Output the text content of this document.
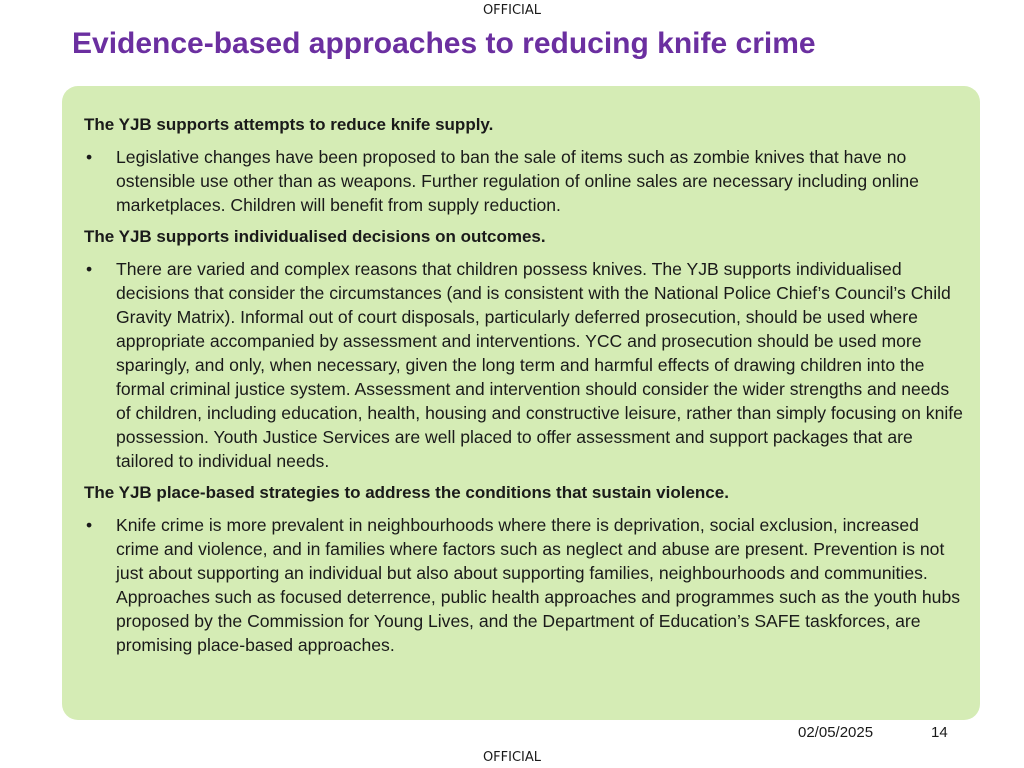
OFFICIAL
Evidence-based approaches to reducing knife crime
The YJB supports attempts to reduce knife supply.
•	Legislative changes have been proposed to ban the sale of items such as zombie knives that have no ostensible use other than as weapons. Further regulation of online sales are necessary including online marketplaces. Children will benefit from supply reduction.
The YJB supports individualised decisions on outcomes.
•	There are varied and complex reasons that children possess knives. The YJB supports individualised decisions that consider the circumstances (and is consistent with the National Police Chief’s Council’s Child Gravity Matrix). Informal out of court disposals, particularly deferred prosecution, should be used where appropriate accompanied by assessment and interventions. YCC and prosecution should be used more sparingly, and only, when necessary, given the long term and harmful effects of drawing children into the formal criminal justice system. Assessment and intervention should consider the wider strengths and needs of children, including education, health, housing and constructive leisure, rather than simply focusing on knife possession. Youth Justice Services are well placed to offer assessment and support packages that are tailored to individual needs.
The YJB place-based strategies to address the conditions that sustain violence.
•	Knife crime is more prevalent in neighbourhoods where there is deprivation, social exclusion, increased crime and violence, and in families where factors such as neglect and abuse are present. Prevention is not just about supporting an individual but also about supporting families, neighbourhoods and communities. Approaches such as focused deterrence, public health approaches and programmes such as the youth hubs proposed by the Commission for Young Lives, and the Department of Education’s SAFE taskforces, are promising place-based approaches.
02/05/2025	14
OFFICIAL
